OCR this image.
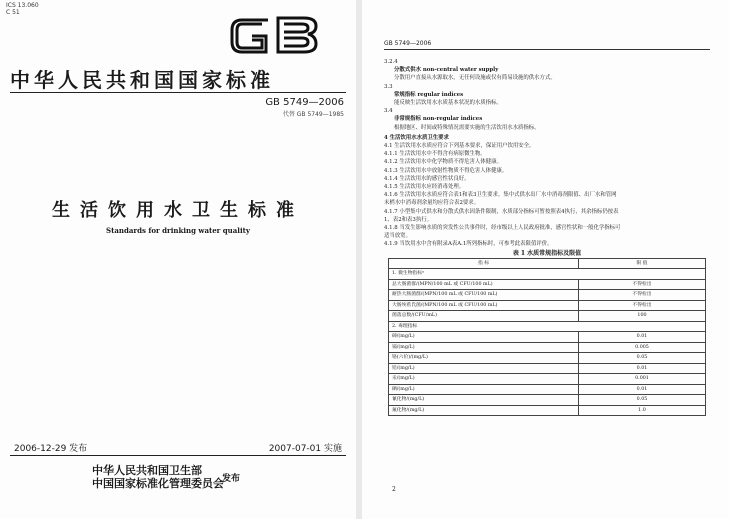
ICS 13.060
C 51
中华人民共和国国家标准
GB 5749—2006
代替 GB 5749—1985
生活饮用水卫生标准
Standards for drinking water quality
2006-12-29 发布	2007-07-01 实施
中华人民共和国卫生部
中国国家标准化管理委员会
发布
GB 5749—2006
3.2.4
分散式供水 non-central water supply
分散用户直接从水源取水，无任何设施或仅有简易设施的供水方式。
3.3
常规指标 regular indices
能反映生活饮用水水质基本状况的水质指标。
3.4
非常规指标 non-regular indices
根据地区、时间或特殊情况需要实施的生活饮用水水质指标。
4 生活饮用水水质卫生要求
4.1 生活饮用水水质应符合下列基本要求，保证用户饮用安全。
4.1.1 生活饮用水中不得含有病原微生物。
4.1.2 生活饮用水中化学物质不得危害人体健康。
4.1.3 生活饮用水中放射性物质不得危害人体健康。
4.1.4 生活饮用水的感官性状良好。
4.1.5 生活饮用水应经消毒处理。
4.1.6 生活饮用水水质应符合表1和表3卫生要求。集中式供水出厂水中消毒剂限值、出厂水和管网
末梢水中消毒剂余量均应符合表2要求。
4.1.7 小型集中式供水和分散式供水因条件限制，水质部分指标可暂按照表4执行，其余指标仍按表
1、表2和表3执行。
4.1.8 当发生影响水质的突发性公共事件时，经市级以上人民政府批准，感官性状和一般化学指标可
适当放宽。
4.1.9 当饮用水中含有附录A表A.1所列指标时，可参考此表限值评价。
表 1 水质常规指标及限值
指 标	限 值
1. 微生物指标ᵃ	
总大肠菌群/(MPN/100 mL 或 CFU/100 mL)	不得检出
耐热大肠菌群/(MPN/100 mL 或 CFU/100 mL)	不得检出
大肠埃希氏菌/(MPN/100 mL 或 CFU/100 mL)	不得检出
菌落总数/(CFU/mL)	100
2. 毒理指标	
砷/(mg/L)	0.01
镉/(mg/L)	0.005
铬(六价)/(mg/L)	0.05
铅/(mg/L)	0.01
汞/(mg/L)	0.001
硒/(mg/L)	0.01
氰化物/(mg/L)	0.05
氟化物/(mg/L)	1.0
2
